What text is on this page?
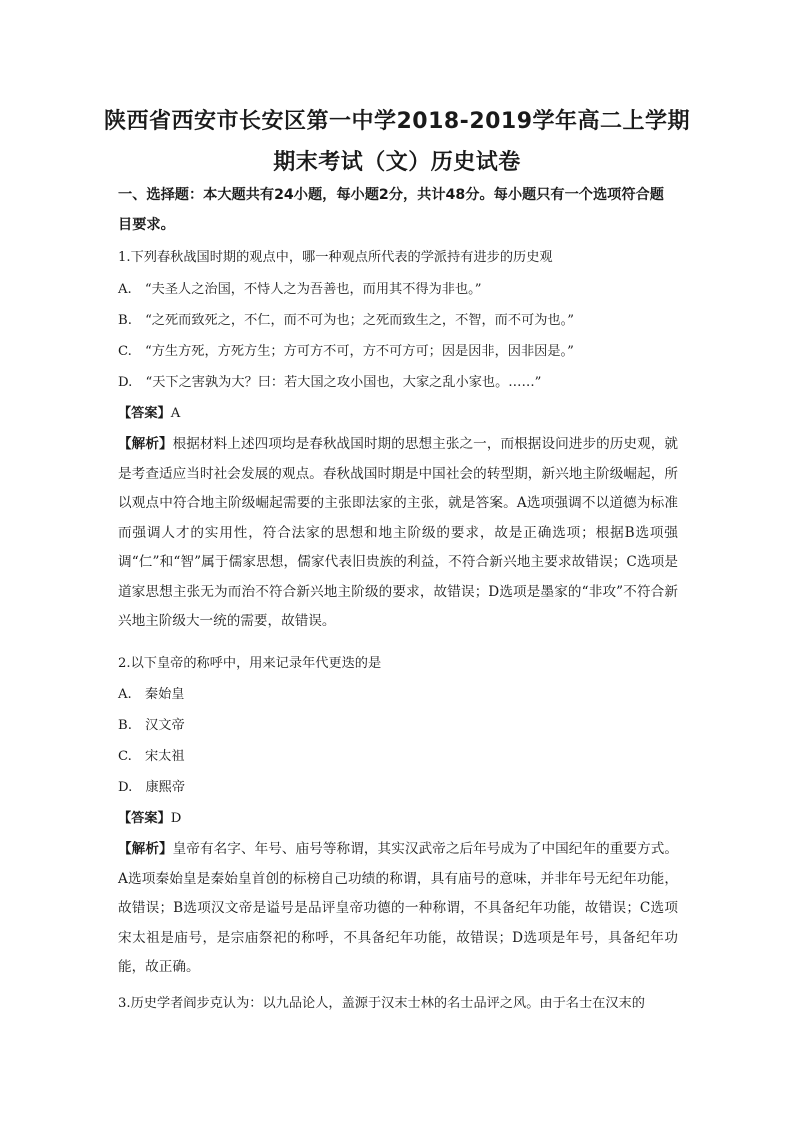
陕西省西安市长安区第一中学2018-2019学年高二上学期
期末考试（文）历史试卷
一、选择题：本大题共有24小题，每小题2分，共计48分。每小题只有一个选项符合题目要求。
1.下列春秋战国时期的观点中，哪一种观点所代表的学派持有进步的历史观
A.　“夫圣人之治国，不恃人之为吾善也，而用其不得为非也。”
B.　“之死而致死之，不仁，而不可为也；之死而致生之，不智，而不可为也。”
C.　“方生方死，方死方生；方可方不可，方不可方可；因是因非，因非因是。”
D.　“天下之害孰为大？曰：若大国之攻小国也，大家之乱小家也。……”
【答案】A
【解析】根据材料上述四项均是春秋战国时期的思想主张之一，而根据设问进步的历史观，就是考查适应当时社会发展的观点。春秋战国时期是中国社会的转型期，新兴地主阶级崛起，所以观点中符合地主阶级崛起需要的主张即法家的主张，就是答案。A选项强调不以道德为标准而强调人才的实用性，符合法家的思想和地主阶级的要求，故是正确选项；根据B选项强调“仁”和“智”属于儒家思想，儒家代表旧贵族的利益，不符合新兴地主要求故错误；C选项是道家思想主张无为而治不符合新兴地主阶级的要求，故错误；D选项是墨家的“非攻”不符合新兴地主阶级大一统的需要，故错误。
2.以下皇帝的称呼中，用来记录年代更迭的是
A.　秦始皇
B.　汉文帝
C.　宋太祖
D.　康熙帝
【答案】D
【解析】皇帝有名字、年号、庙号等称谓，其实汉武帝之后年号成为了中国纪年的重要方式。A选项秦始皇是秦始皇首创的标榜自己功绩的称谓，具有庙号的意味，并非年号无纪年功能，故错误；B选项汉文帝是谥号是品评皇帝功德的一种称谓，不具备纪年功能，故错误；C选项宋太祖是庙号，是宗庙祭祀的称呼，不具备纪年功能，故错误；D选项是年号，具备纪年功能，故正确。
3.历史学者阎步克认为：以九品论人，盖源于汉末士林的名士品评之风。由于名士在汉末的
